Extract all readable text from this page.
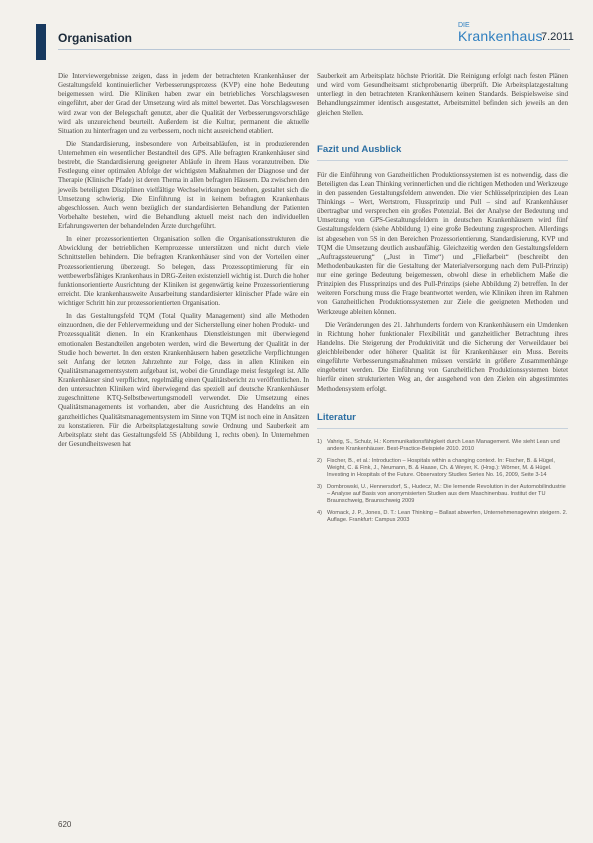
Organisation
DIE
Krankenhaus
7.2011

Die Interviewergebnisse zeigen, dass in jedem der betrachteten Krankenhäuser der Gestaltungsfeld kontinuierlicher Verbesserungsprozess (KVP) eine hohe Bedeutung beigemessen wird. Die Kliniken haben zwar ein betriebliches Vorschlagswesen eingeführt, aber der Grad der Umsetzung wird als mittel bewertet. Das Vorschlagswesen wird zwar von der Belegschaft genutzt, aber die Qualität der Verbesserungsvorschläge wird als unzureichend beurteilt. Außerdem ist die Kultur, permanent die aktuelle Situation zu hinterfragen und zu verbessern, noch nicht ausreichend etabliert.

Die Standardisierung, insbesondere von Arbeitsabläufen, ist in produzierenden Unternehmen ein wesentlicher Bestandteil des GPS. Alle befragten Krankenhäuser sind bestrebt, die Standardisierung geeigneter Abläufe in ihrem Haus voranzutreiben. Die Festlegung einer optimalen Abfolge der wichtigsten Maßnahmen der Diagnose und der Therapie (Klinische Pfade) ist deren Thema in allen befragten Häusern. Da zwischen den jeweils beteiligten Disziplinen vielfältige Wechselwirkungen bestehen, gestaltet sich die Umsetzung schwierig. Die Einführung ist in keinem befragten Krankenhaus abgeschlossen. Auch wenn bezüglich der standardisierten Behandlung der Patienten Vorbehalte bestehen, wird die Behandlung aktuell meist nach den individuellen Erfahrungswerten der behandelnden Ärzte durchgeführt.

In einer prozessorientierten Organisation sollen die Organisationsstrukturen die Abwicklung der betrieblichen Kernprozesse unterstützen und nicht durch viele Schnittstellen behindern. Die befragten Krankenhäuser sind von der Vorteilen einer Prozessorientierung überzeugt. So belegen, dass Prozessoptimierung für ein wettbewerbsfähiges Krankenhaus in DRG-Zeiten existenziell wichtig ist. Durch die hoher funktionsorientierte Ausrichtung der Kliniken ist gegenwärtig keine Prozessorientierung erreicht. Die krankenhausweite Ausarbeitung standardisierter klinischer Pfade wäre ein wichtiger Schritt hin zur prozessorientierten Organisation.

In das Gestaltungsfeld TQM (Total Quality Management) sind alle Methoden einzuordnen, die der Fehlervermeidung und der Sicherstellung einer hohen Produkt- und Prozessqualität dienen. In ein Krankenhaus Dienstleistungen mit überwiegend emotionalen Bestandteilen angeboten werden, wird die Bewertung der Qualität in der Studie hoch bewertet. In den ersten Krankenhäusern haben gesetzliche Verpflichtungen seit Anfang der letzten Jahrzehnte zur Folge, dass in allen Kliniken ein Qualitätsmanagementsystem aufgebaut ist, wobei die Grundlage meist festgelegt ist. Alle Krankenhäuser sind verpflichtet, regelmäßig einen Qualitätsbericht zu veröffentlichen. In den untersuchten Kliniken wird überwiegend das speziell auf deutsche Krankenhäuser zugeschnittene KTQ-Selbstbewertungsmodell verwendet. Die Umsetzung eines Qualitätsmanagements ist vorhanden, aber die Ausrichtung des Handelns an ein ganzheitliches Qualitätsmanagementsystem im Sinne von TQM ist noch eine in Ansätzen zu konstatieren. Für die Arbeitsplatzgestaltung sowie Ordnung und Sauberkeit am Arbeitsplatz steht das Gestaltungsfeld 5S (Abbildung 1, rechts oben). In Unternehmen der Gesundheitswesen hat

Sauberkeit am Arbeitsplatz höchste Priorität. Die Reinigung erfolgt nach festen Plänen und wird vom Gesundheitsamt stichprobenartig überprüft. Die Arbeitsplatzgestaltung unterliegt in den betrachteten Krankenhäusern keinen Standards. Beispielsweise sind Behandlungszimmer identisch ausgestattet, Arbeitsmittel befinden sich jeweils an den gleichen Stellen.

Fazit und Ausblick

Für die Einführung von Ganzheitlichen Produktionssystemen ist es notwendig, dass die Beteiligten das Lean Thinking verinnerlichen und die richtigen Methoden und Werkzeuge in den passenden Gestaltungsfeldern anwenden. Die vier Schlüsselprinzipien des Lean Thinkings – Wert, Wertstrom, Flussprinzip und Pull – sind auf Krankenhäuser übertragbar und versprechen ein großes Potenzial. Bei der Analyse der Bedeutung und Umsetzung von GPS-Gestaltungsfeldern in deutschen Krankenhäusern wird fünf Gestaltungsfeldern (siehe Abbildung 1) eine große Bedeutung zugesprochen. Allerdings ist abgesehen von 5S in den Bereichen Prozessorientierung, Standardisierung, KVP und TQM die Umsetzung deutlich ausbaufähig. Gleichzeitig werden den Gestaltungsfeldern „Auftragssteuerung“ („Just in Time“) und „Fließarbeit“ (beschreibt den Methodenbaukasten für die Gestaltung der Materialversorgung nach dem Pull-Prinzip) nur eine geringe Bedeutung beigemessen, obwohl diese in erheblichem Maße die Prinzipien des Flussprinzips und des Pull-Prinzips (siehe Abbildung 2) betreffen. In der weiteren Forschung muss die Frage beantwortet werden, wie Kliniken ihren im Rahmen von Ganzheitlichen Produktionssystemen zur Ziele die geeigneten Methoden und Werkzeuge ableiten können.

Die Veränderungen des 21. Jahrhunderts fordern von Krankenhäusern ein Umdenken in Richtung hoher funktionaler Flexibilität und ganzheitlicher Betrachtung ihres Handelns. Die Steigerung der Produktivität und die Sicherung der Verweildauer bei gleichbleibender oder höherer Qualität ist für Krankenhäuser ein Muss. Bereits eingeführte Verbesserungsmaßnahmen müssen verstärkt in größere Zusammenhänge eingebettet werden. Die Einführung von Ganzheitlichen Produktionssystemen bietet hierfür einen strukturierten Weg an, der ausgehend von den Zielen ein abgestimmtes Methodensystem erfolgt.

Literatur
1) Vahrig, S., Schulz, H.: Kommunikationsfähigkeit durch Lean Management. Wie sieht Lean und andere Krankenhäuser. Best-Practice-Beispiele 2010. 2010
2) Fischer, B., et al.: Introduction – Hospitals within a changing context. In: Fischer, B. & Hügel, Weight, C. & Fink, J., Neumann, B. & Haase, Ch. & Weyer, K. (Hrsg.): Wörner, M. & Hügel. Investing in Hospitals of the Future. Observatory Studies Series No. 16, 2009, Seite 3-14
3) Dombrowski, U., Hennersdorf, S., Hudecz, M.: Die lernende Revolution in der Automobilindustrie – Analyse auf Basis von anonymisierten Studien aus dem Maschinenbau. Institut der TU Braunschweig, Braunschweig 2009
4) Womack, J. P., Jones, D. T.: Lean Thinking – Ballast abwerfen, Unternehmensgewinn steigern. 2. Auflage. Frankfurt: Campus 2003
620
